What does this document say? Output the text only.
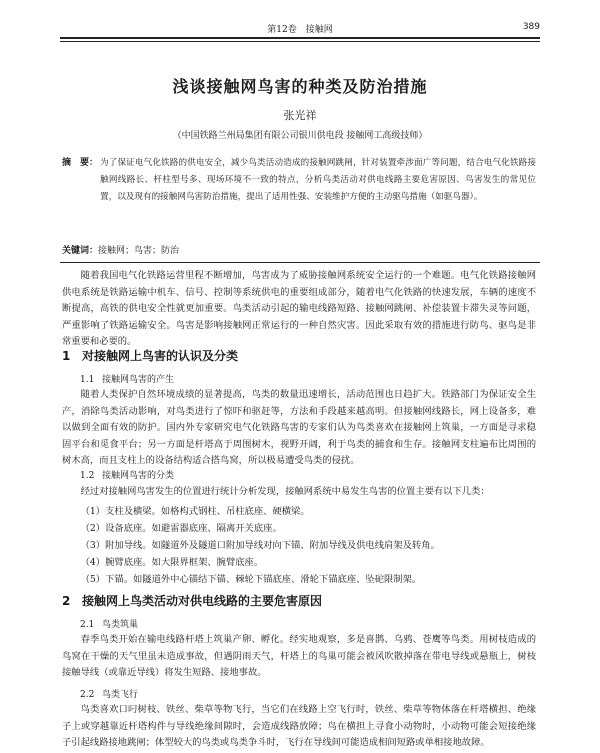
第12卷　接触网	389
浅谈接触网鸟害的种类及防治措施
张光祥
（中国铁路兰州局集团有限公司银川供电段 接触网工高级技师）
摘　要： 为了保证电气化铁路的供电安全，减少鸟类活动造成的接触网跳闸，针对装置牵涉面广等问题，结合电气化铁路接触网线路长、杆柱型号多、现场环境不一致的特点，分析鸟类活动对供电线路主要危害原因、鸟害发生的常见位置，以及现有的接触网鸟害防治措施，提出了适用性强、安装维护方便的主动驱鸟措施（如驱鸟器）。
关键词：接触网；鸟害；防治
随着我国电气化铁路运营里程不断增加，鸟害成为了威胁接触网系统安全运行的一个难题。电气化铁路接触网供电系统是铁路运输中机车、信号、控制等系统供电的重要组成部分，随着电气化铁路的快速发展，车辆的速度不断提高，高铁的供电安全性就更加重要。鸟类活动引起的输电线路短路、接触网跳闸、补偿装置卡滞失灵等问题，严重影响了铁路运输安全。鸟害是影响接触网正常运行的一种自然灾害。因此采取有效的措施进行防鸟、驱鸟是非常重要和必要的。
1 对接触网上鸟害的认识及分类
1.1 接触网鸟害的产生
随着人类保护自然环境成绩的显著提高，鸟类的数量迅速增长，活动范围也日趋扩大。铁路部门为保证安全生产，消除鸟类活动影响，对鸟类进行了惊吓和驱赶等，方法和手段越来越高明。但接触网线路长，网上设备多，难以做到全面有效的防护。国内外专家研究电气化铁路鸟害的专家们认为鸟类喜欢在接触网上筑巢，一方面是寻求稳固平台和觅食平台；另一方面是杆塔高于周围树木，视野开阔，利于鸟类的捕食和生存。接触网支柱遍布比周围的树木高，而且支柱上的设备结构适合搭鸟窝，所以极易遭受鸟类的侵扰。
1.2 接触网鸟害的分类
经过对接触网鸟害发生的位置进行统计分析发现，接触网系统中易发生鸟害的位置主要有以下几类：
（1）支柱及横梁。如格构式钢柱、吊柱底座、硬横梁。
（2）设备底座。如避雷器底座、隔离开关底座。
（3）附加导线。如隧道外及隧道口附加导线对向下锚、附加导线及供电线肩架及转角。
（4）腕臂底座。如大限界框架、腕臂底座。
（5）下锚。如隧道外中心锚结下锚、棘轮下锚底座、滑轮下锚底座、坠砣限制架。
2 接触网上鸟类活动对供电线路的主要危害原因
2.1 鸟类筑巢
春季鸟类开始在输电线路杆塔上筑巢产卵、孵化。经实地观察，多是喜鹊、乌鸦、苍鹰等鸟类。用树枝造成的鸟窝在干燥的天气里虽未造成事故，但遇阴雨天气，杆塔上的鸟巢可能会被风吹散掉落在带电导线或悬瓶上，树枝接触导线（或靠近导线）将发生短路、接地事故。
2.2 鸟类飞行
鸟类喜欢口叼树枝、铁丝、柴草等物飞行，当它们在线路上空飞行时，铁丝、柴草等物体落在杆塔横担、绝缘子上或穿越靠近杆塔构件与导线绝缘间隙时，会造成线路放障；鸟在横担上寻食小动物时，小动物可能会短接绝缘子引起线路接地跳闸；体型较大的鸟类或鸟类争斗时，飞行在导线间可能造成相间短路或单相接地故障。
